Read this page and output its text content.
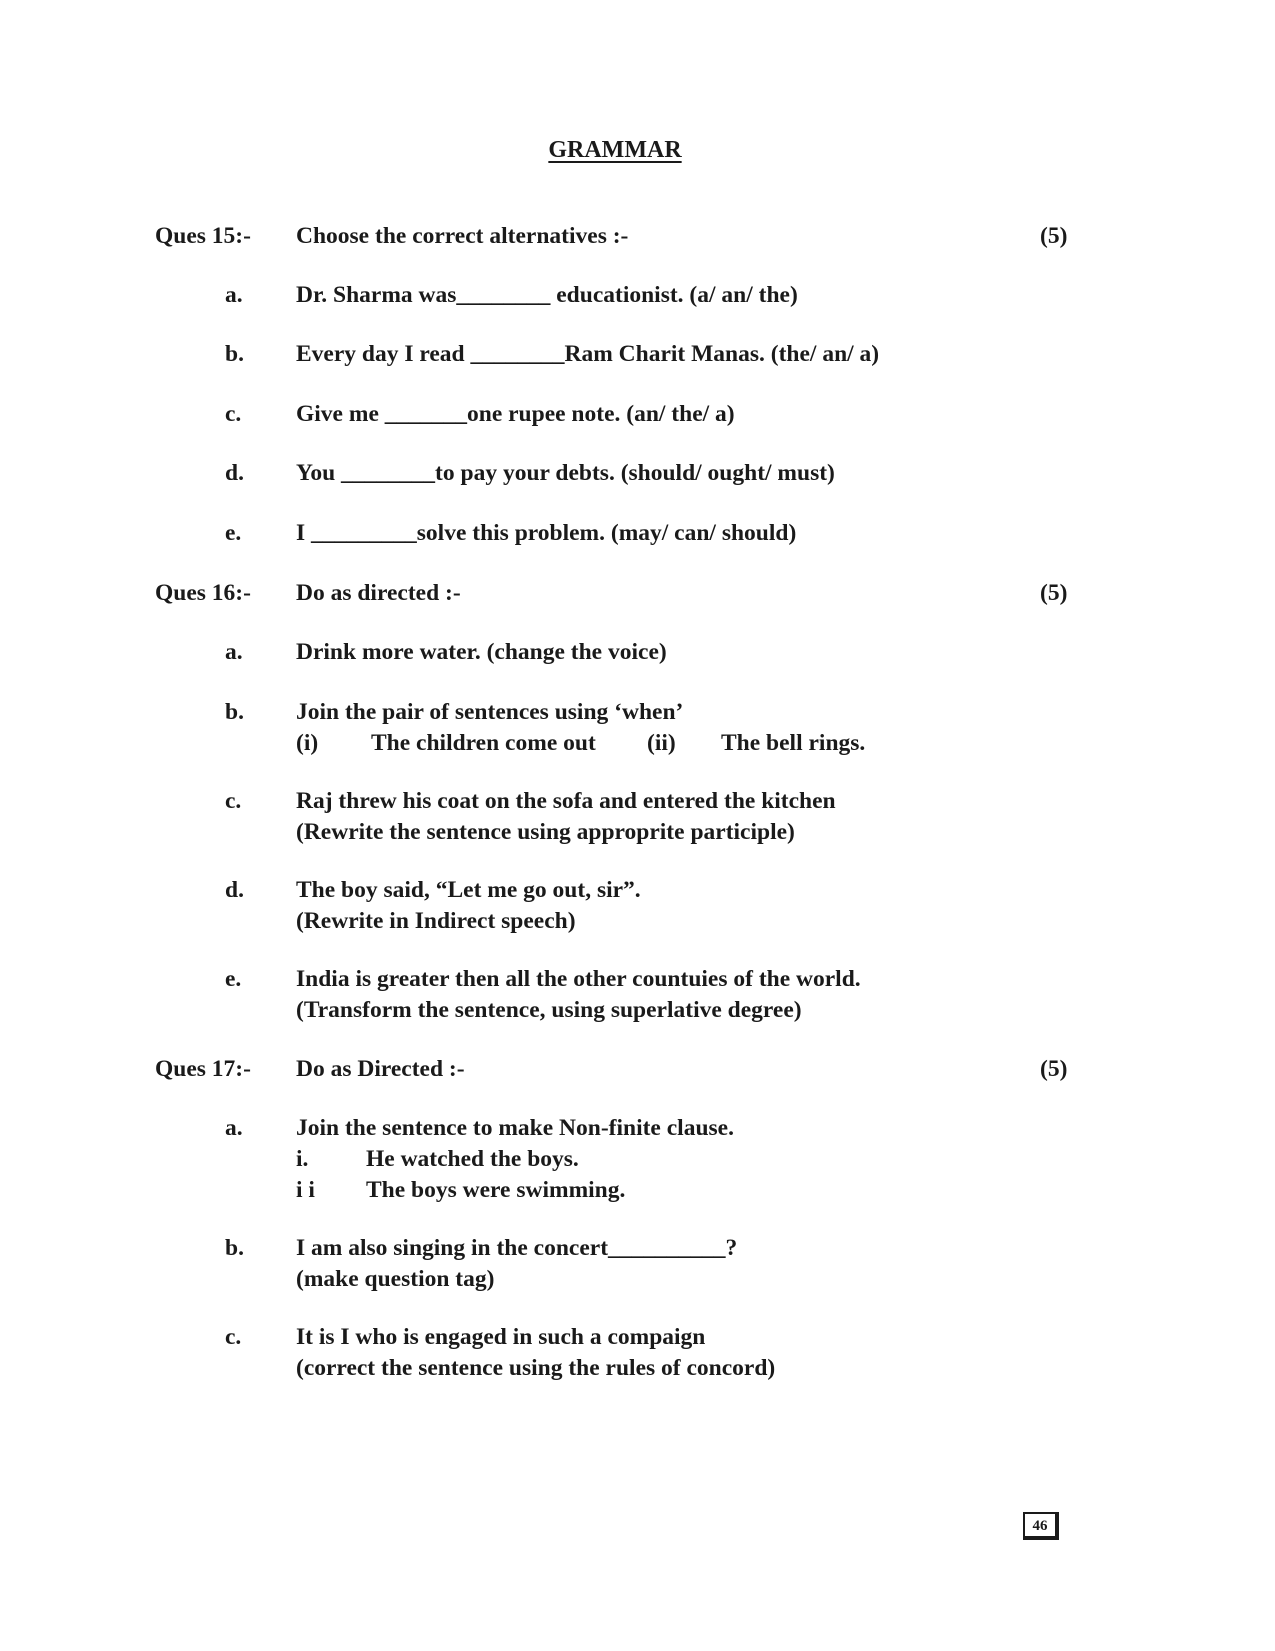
GRAMMAR
Ques 15:- Choose the correct alternatives :-	(5)
a. Dr. Sharma was________ educationist. (a/ an/ the)
b. Every day I read ________Ram Charit Manas. (the/ an/ a)
c. Give me _______one rupee note. (an/ the/ a)
d. You ________to pay your debts. (should/ ought/ must)
e. I _________solve this problem. (may/ can/ should)
Ques 16:- Do as directed :-	(5)
a. Drink more water. (change the voice)
b. Join the pair of sentences using ‘when’
(i) The children come out (ii) The bell rings.
c. Raj threw his coat on the sofa and entered the kitchen
(Rewrite the sentence using approprite participle)
d. The boy said, “Let me go out, sir”.
(Rewrite in Indirect speech)
e. India is greater then all the other countuies of the world.
(Transform the sentence, using superlative degree)
Ques 17:- Do as Directed :-	(5)
a. Join the sentence to make Non-finite clause.
i. He watched the boys.
i i The boys were swimming.
b. I am also singing in the concert__________?
(make question tag)
c. It is I who is engaged in such a compaign
(correct the sentence using the rules of concord)
46
